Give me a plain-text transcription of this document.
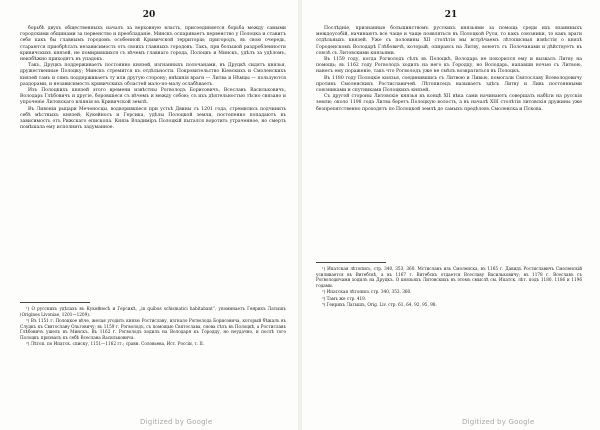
20

борьбѣ двухъ общественныхъ началъ за верховную власть, присоединяется борьба между самыми городскими общинами за первенство и преобладаніе. Минскъ оспариваетъ первенство у Полоцка и ставитъ себя какъ бы главнымъ городомъ особенной Кривичской территоріи; пригородъ, въ свою очередь, стараются приобрѣтать независимость отъ своихъ главныхъ городовъ. Такъ, при большой раздробленности кривичскихъ князей, не помирившихся съ вѣчемъ главнаго города, Полоцкъ и Минскъ, удѣлъ за удѣломъ, неизбѣжно приходятъ въ упадокъ.

Такъ, Друцкъ поддерживаетъ постоянно князей, изгнанныхъ полочанами, въ Друцкѣ сидятъ князья, дружественные Полоцку; Минскъ стремится къ отдѣльности. Покровительство Кіевскихъ и Смоленскихъ князей тамъ и сямъ поддерживаетъ ту или другую сторону; внѣшнія враги — Литва и Нѣмцы — пользуются раздорами, и независимость кривичскихъ областей мало-по-малу ослабѣваетъ.

Изъ Полоцкихъ князей этого времени извѣстны Рогволодъ Борисовичъ, Всеславъ Васильковичъ, Володарь Глѣбовичъ и другіе, боровшіеся съ вѣчемъ и между собою; съ ихъ дѣятельностью тѣсно связано и упроченіе Литовскаго вліянія въ Кривичской землѣ.

Въ Ливоніи рыцари Меченосцы, водворившіеся при устьѣ Двины съ 1201 года, стремились подчинить себѣ мѣстныхъ князей; Кукейносъ и Герсика, удѣлы Полоцкой земли, постепенно попадаютъ въ зависимость отъ Рижскаго епископа. Князь Владиміръ Полоцкій пытался воротить утраченное, но смерть помѣшала ему исполнить задуманное.

¹) О русскихъ удѣлахъ въ Кукейносѣ и Герсикѣ, „in quibus schismatici habitabant“, упоминаетъ Генрихъ Латышъ (Origines Livoniae, 1201—1209).

²) Въ 1151 г. Полоцкое вѣче, желая угодить князю Ростиславу, изгнало Рогволода Борисовича, который бѣжалъ въ Слуцкъ къ Святославу Ольговичу; въ 1159 г. Рогволодъ, съ помощью Святослава, снова сѣлъ въ Полоцкѣ, а Ростиславъ Глѣбовичъ ушелъ въ Минскъ. Въ 1162 г. Рогволодъ ходилъ на Володаря къ Городцу, но неудачно, и послѣ того Полоцкъ призвалъ къ себѣ Всеслава Васильковича.

³) Лѣтоп. по Ипатск. списку, 1151—1162 гг.; сравн. Соловьева, Ист. Россіи, т. II.

Digitized by Google
21

Послѣдніе, признанные большинствомъ русскихъ князьями за помощь среди ихъ взаимныхъ междоусобій, начинаютъ все чаще и чаще появляться въ Полоцкой Руси, то какъ союзники, то какъ враги отдѣльныхъ князей. Уже съ половины XII столѣтія мы встрѣчаемъ лѣтописныя извѣстія о князѣ Городенскомъ Володарѣ Глѣбовичѣ, который, опираясь на Литву, воюетъ съ Полочанами и дѣйствуетъ въ союзѣ съ Литовскими князьями.

Въ 1159 году, когда Рогволодъ сѣлъ въ Полоцкѣ, Володарь не покорился ему и вызвалъ Литву на помощь; въ 1162 году Рогволодъ ходилъ на него къ Городцу, но Володарь, напавши ночью съ Литвою, нанесъ ему пораженіе, такъ что Рогволодъ уже не смѣлъ возвратиться въ Полоцкъ.

Въ 1180 году Полоцкіе князья, соединившись съ Литвою и Ливью, помогали Святославу Всеволодовичу противъ Смоленскихъ Ростиславичей. Лѣтописецъ называетъ здѣсь Литву и Ливь постоянными союзниками и спутниками Полоцкихъ князей.

Съ другой стороны Литовскіе князья въ концѣ XII вѣка сами начинаютъ совершать набѣги на русскія земли; около 1198 года Литва беретъ Полоцкую волость, а въ началѣ XIII столѣтія литовскія дружины уже безпрепятственно проходятъ по Полоцкой землѣ до самыхъ предѣловъ Смоленска и Пскова.

¹) Ипатская лѣтопись, стр. 340, 353, 360. Мстиславъ изъ Смоленска, въ 1165 г. Давидъ Ростиславичъ Смоленскій усиливается въ Витебскѣ, а въ 1167 г. Витебскъ отдается Всеславу Васильковичу; въ 1178 г. Всеславъ съ Рогволодичами ходилъ на Друцкъ. О князьяхъ Литовскихъ въ этомъ смыслѣ см. Ипатск. лѣт. подъ 1180, 1186 и 1196 годами.

²) Ипатская лѣтопись стр. 340, 353, 360.

³) Тамъ же стр. 419.

⁴) Генрихъ Латышъ, Orig. Liv. стр. 61, 64, 92, 95, 98.

Digitized by Google
